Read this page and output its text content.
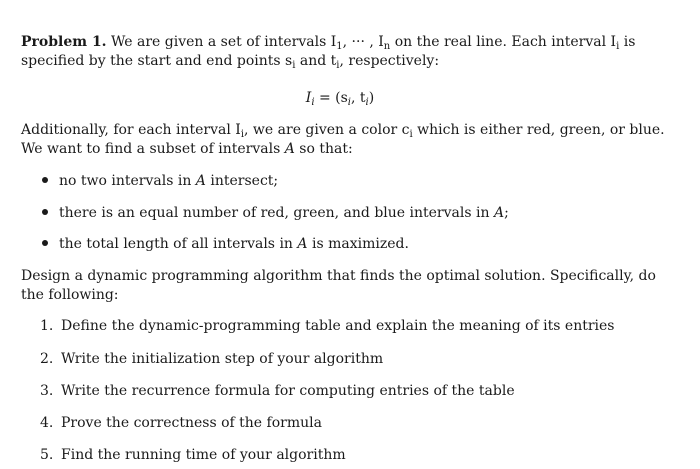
Problem 1. We are given a set of intervals $I_1$, ··· , $I_n$ on the real line. Each interval $I_i$ is
specified by the start and end points $s_i$ and $t_i$, respectively:

$I_i = (s_i$, $t_i$)

Additionally, for each interval $I_i$, we are given a color $c_i$ which is either red, green, or blue.
We want to find a subset of intervals A so that:

no two intervals in A intersect;
there is an equal number of red, green, and blue intervals in A;
the total length of all intervals in A is maximized.

Design a dynamic programming algorithm that finds the optimal solution. Specifically, do
the following:

1. Define the dynamic-programming table and explain the meaning of its entries
2. Write the initialization step of your algorithm
3. Write the recurrence formula for computing entries of the table
4. Prove the correctness of the formula
5. Find the running time of your algorithm
